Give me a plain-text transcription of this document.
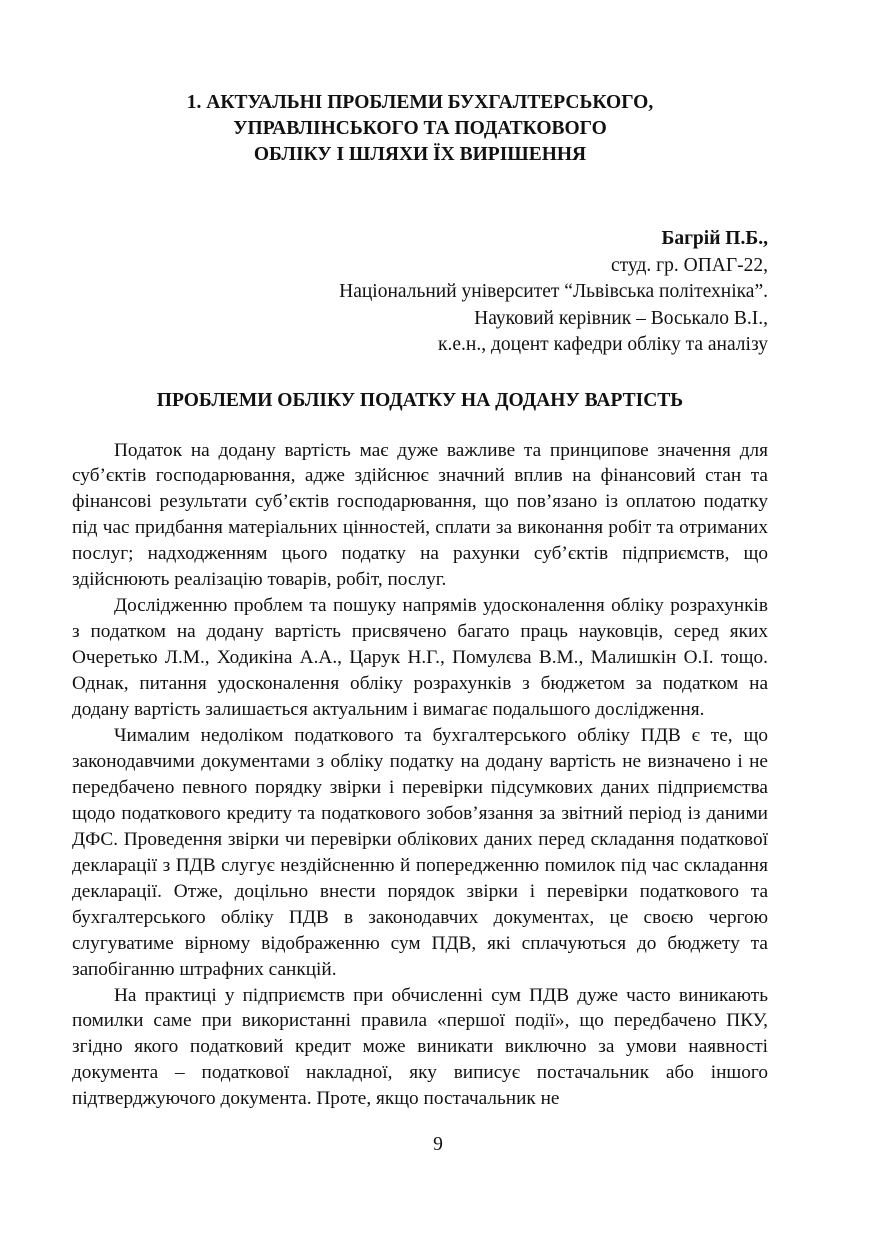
1. АКТУАЛЬНІ ПРОБЛЕМИ БУХГАЛТЕРСЬКОГО,
УПРАВЛІНСЬКОГО ТА ПОДАТКОВОГО
ОБЛІКУ І ШЛЯХИ ЇХ ВИРІШЕННЯ
Багрій П.Б.,
студ. гр. ОПАГ-22,
Національний університет “Львівська політехніка”.
Науковий керівник – Воськало В.І.,
к.е.н., доцент кафедри обліку та аналізу
ПРОБЛЕМИ ОБЛІКУ ПОДАТКУ НА ДОДАНУ ВАРТІСТЬ

Податок на додану вартість має дуже важливе та принципове значення для суб’єктів господарювання, адже здійснює значний вплив на фінансовий стан та фінансові результати суб’єктів господарювання, що пов’язано із оплатою податку під час придбання матеріальних цінностей, сплати за виконання робіт та отриманих послуг; надходженням цього податку на рахунки суб’єктів підприємств, що здійснюють реалізацію товарів, робіт, послуг.

Дослідженню проблем та пошуку напрямів удосконалення обліку розрахунків з податком на додану вартість присвячено багато праць науковців, серед яких Очеретько Л.М., Ходикіна А.А., Царук Н.Г., Помулєва В.М., Малишкін О.І. тощо. Однак, питання удосконалення обліку розрахунків з бюджетом за податком на додану вартість залишається актуальним і вимагає подальшого дослідження.

Чималим недоліком податкового та бухгалтерського обліку ПДВ є те, що законодавчими документами з обліку податку на додану вартість не визначено і не передбачено певного порядку звірки і перевірки підсумкових даних підприємства щодо податкового кредиту та податкового зобов’язання за звітний період із даними ДФС. Проведення звірки чи перевірки облікових даних перед складання податкової декларації з ПДВ слугує нездійсненню й попередженню помилок під час складання декларації. Отже, доцільно внести порядок звірки і перевірки податкового та бухгалтерського обліку ПДВ в законодавчих документах, це своєю чергою слугуватиме вірному відображенню сум ПДВ, які сплачуються до бюджету та запобіганню штрафних санкцій.

На практиці у підприємств при обчисленні сум ПДВ дуже часто виникають помилки саме при використанні правила «першої події», що передбачено ПКУ, згідно якого податковий кредит може виникати виключно за умови наявності документа – податкової накладної, яку виписує постачальник або іншого підтверджуючого документа. Проте, якщо постачальник не

9
